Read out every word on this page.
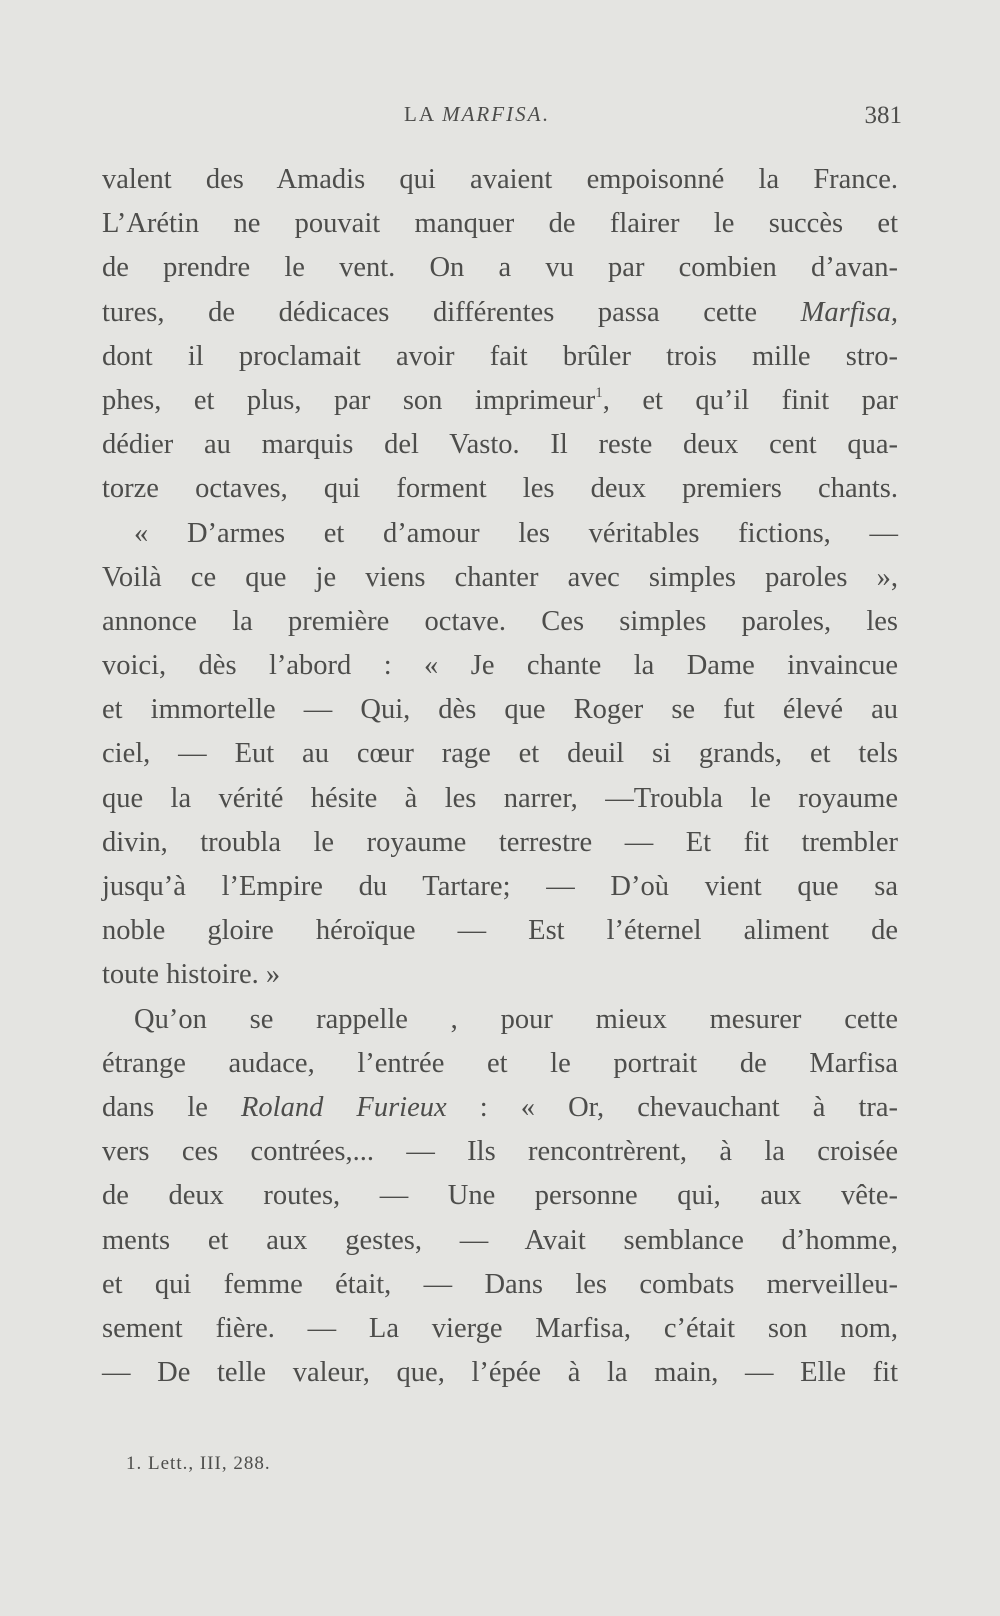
LA MARFISA.	381
valent des Amadis qui avaient empoisonné la France.
L’Arétin ne pouvait manquer de flairer le succès et
de prendre le vent. On a vu par combien d’avan-
tures, de dédicaces différentes passa cette Marfisa,
dont il proclamait avoir fait brûler trois mille stro-
phes, et plus, par son imprimeur$^1$, et qu’il finit par
dédier au marquis del Vasto. Il reste deux cent qua-
torze octaves, qui forment les deux premiers chants.
« D’armes et d’amour les véritables fictions, —
Voilà ce que je viens chanter avec simples paroles »,
annonce la première octave. Ces simples paroles, les
voici, dès l’abord : « Je chante la Dame invaincue
et immortelle — Qui, dès que Roger se fut élevé au
ciel, — Eut au cœur rage et deuil si grands, et tels
que la vérité hésite à les narrer, —Troubla le royaume
divin, troubla le royaume terrestre — Et fit trembler
jusqu’à l’Empire du Tartare; — D’où vient que sa
noble gloire héroïque — Est l’éternel aliment de
toute histoire. »
Qu’on se rappelle , pour mieux mesurer cette
étrange audace, l’entrée et le portrait de Marfisa
dans le Roland Furieux : « Or, chevauchant à tra-
vers ces contrées,... — Ils rencontrèrent, à la croisée
de deux routes, — Une personne qui, aux vête-
ments et aux gestes, — Avait semblance d’homme,
et qui femme était, — Dans les combats merveilleu-
sement fière. — La vierge Marfisa, c’était son nom,
— De telle valeur, que, l’épée à la main, — Elle fit
1. Lett., III, 288.
